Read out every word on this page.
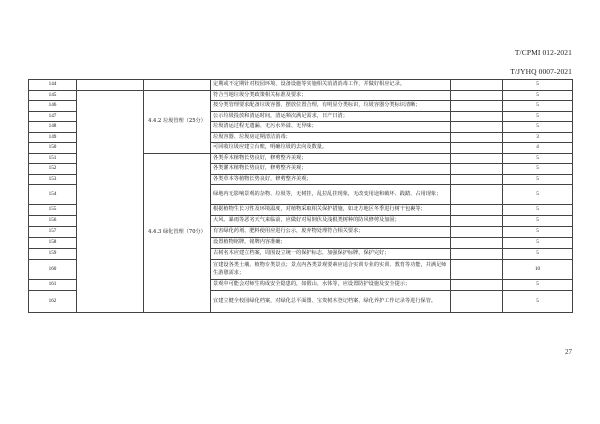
T/CPMI 012-2021
T/JYHQ 0007-2021
144			定期或不定期针对校园环境、设备设施等实施相关消清消毒工作，并做好相应记录。		5
145		4.4.2 垃圾管理（25分）	符合当地垃圾分类政策相关标准及要求；		5
146			按分类管理要求配备垃圾容器，摆放位置合理，有明显分类标识，垃圾容器分类标识清晰；		5
147			公示垃圾投放和清运时间，清运频次满足需求，日产日清；		5
148			垃圾清运过程无遗漏、无污水外溢、无异味；		5
149			垃圾容器、垃圾房定期清洁消毒；		3
150			可回收垃圾应建立台账，明确垃圾的去向及数量。		4
151		4.4.3 绿化管理（70分）	各类乔木植物长势良好，修剪整齐美观；		5
152			各类灌木植物长势良好，修剪整齐美观；		5
153			各类草本等植物长势良好，修剪整齐美观；		5
154			绿地内无影响景观的杂物、垃圾等，无树挂，乱拉乱挂现象，无改变用途和破坏、践踏、占用现象；		5
155			根据植物生长习性及环境温度，对植物采取相关保护措施，如北方地区冬季进行树干包裹等；		5
156			大风、暴雨等恶劣天气来临前，应做好对易倒伏及浅根类树种的防风修剪及加固；		5
157			有害绿化药剂、肥料使用应进行公示，废弃物处理符合相关要求；		5
158			设置植物铭牌，铭牌内容准确；		5
159			古树名木应建立档案，周围设立统一的保护标志，加强保护标牌，保护完好；		5
160			宣建设各类土壤、植物专类景点；景点内各类景观要素应适合实训专业的实训、教育等功能，并满足师生游憩需求；		10
161			景观中可能会对师生构成安全隐患的，如假山、水体等，应设置防护设施及安全提示；		5
162			宜建立健全校园绿化档案，对绿化总平面图、宝贵树木登记档案、绿化养护工作记录等进行保管。		5
27
